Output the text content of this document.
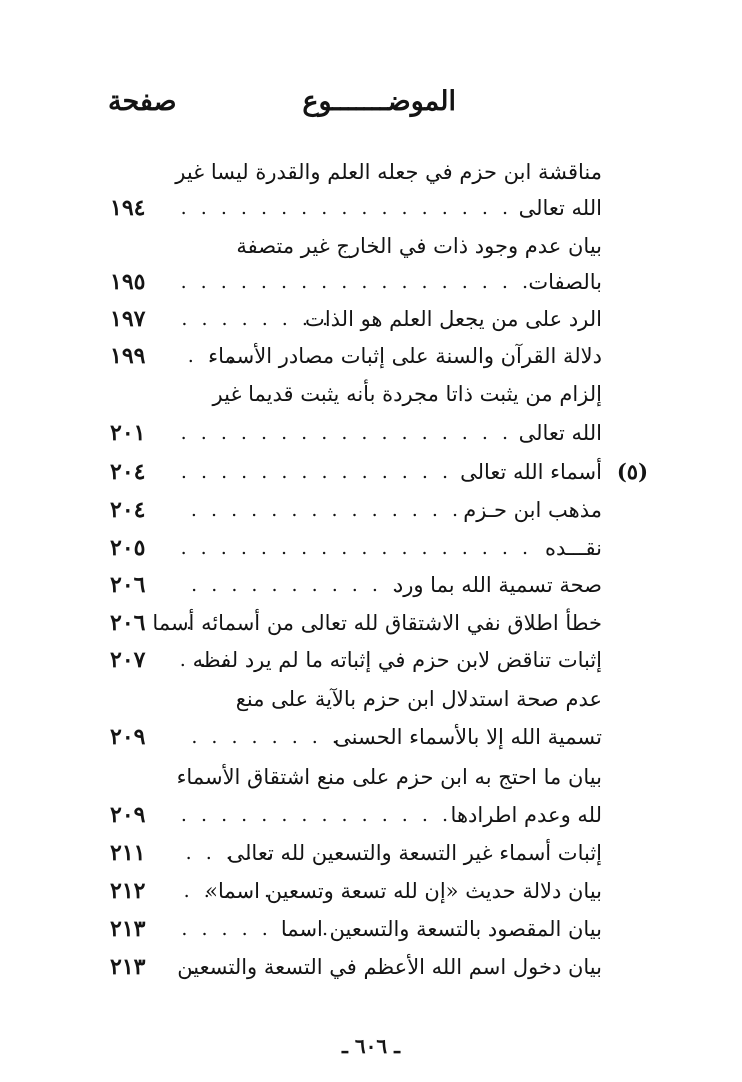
الموضـــــــوع
صفحة
مناقشة ابن حزم في جعله العلم والقدرة ليسا غير
الله تعالى
. . .
١٩٤
بيان عدم وجود ذات في الخارج غير متصفة
بالصفات
. . .
١٩٥
الرد على من يجعل العلم هو الذات
. . .
١٩٧
دلالة القرآن والسنة على إثبات مصادر الأسماء
. . .
١٩٩
إلزام من يثبت ذاتا مجردة بأنه يثبت قديما غير
الله تعالى
. . .
٢٠١
(٥)
أسماء الله تعالى
. . .
٢٠٤
مذهب ابن حـزم
. . .
٢٠٤
نقـــده
. . .
٢٠٥
صحة تسمية الله بما ورد
. . .
٢٠٦
خطأ اطلاق نفي الاشتقاق لله تعالى من أسمائه أسما
. . .
٢٠٦
إثبات تناقض لابن حزم في إثباته ما لم يرد لفظه
. . .
٢٠٧
عدم صحة استدلال ابن حزم بالآية على منع
تسمية الله إلا بالأسماء الحسنى
. . .
٢٠٩
بيان ما احتج به ابن حزم على منع اشتقاق الأسماء
لله وعدم اطرادها
. . .
٢٠٩
إثبات أسماء غير التسعة والتسعين لله تعالى
. . .
٢١١
بيان دلالة حديث «إن لله تسعة وتسعين اسما»
. . .
٢١٢
بيان المقصود بالتسعة والتسعين اسما
. . .
٢١٣
بيان دخول اسم الله الأعظم في التسعة والتسعين
. . .
٢١٣
ـ ٦٠٦ ـ
